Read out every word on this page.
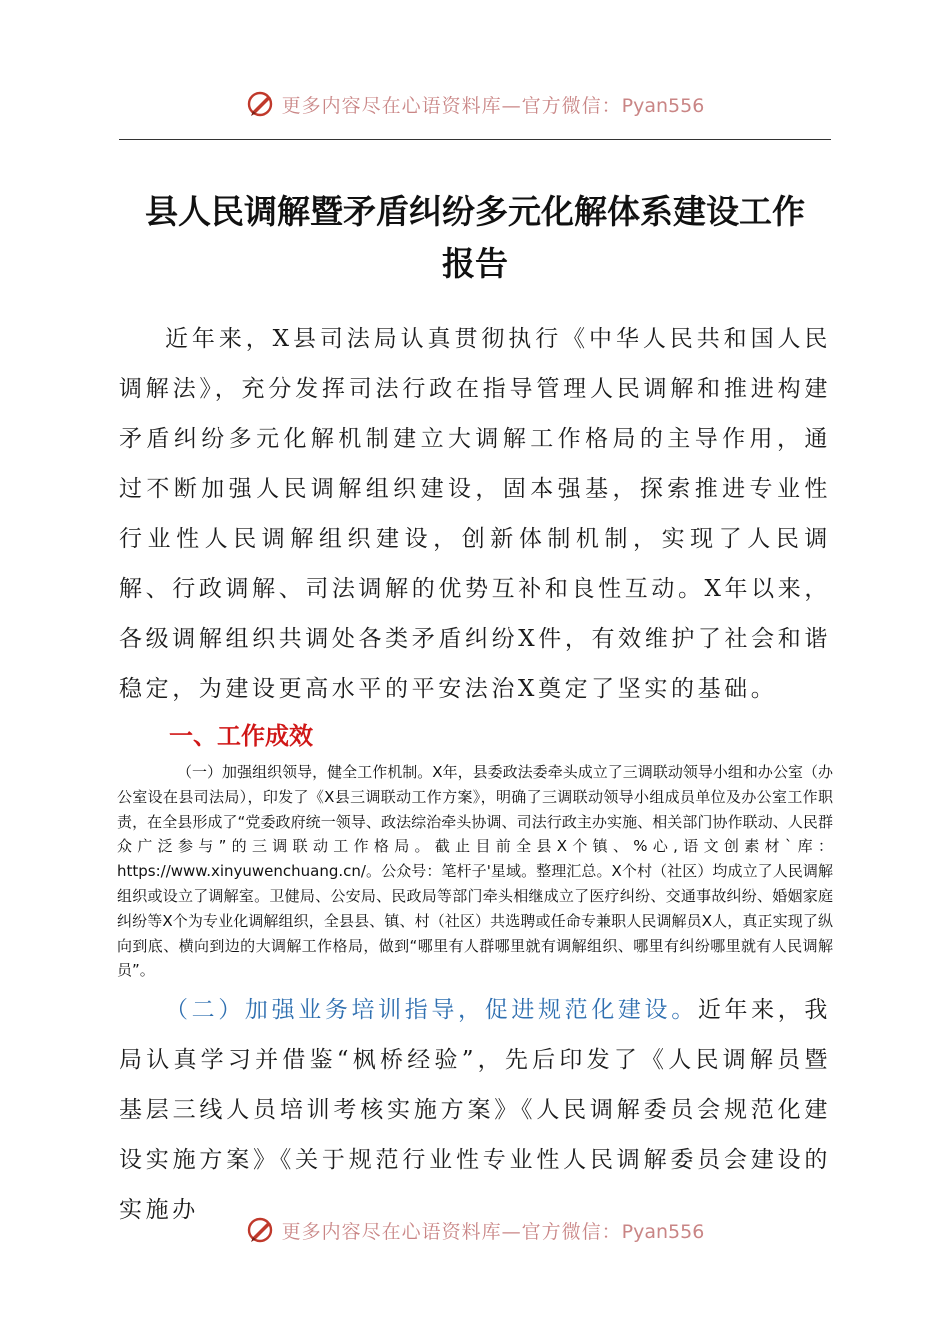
更多内容尽在心语资料库—官方微信：Pyan556
县人民调解暨矛盾纠纷多元化解体系建设工作
报告

近年来，X县司法局认真贯彻执行《中华人民共和国人民调解法》，充分发挥司法行政在指导管理人民调解和推进构建矛盾纠纷多元化解机制建立大调解工作格局的主导作用，通过不断加强人民调解组织建设，固本强基，探索推进专业性行业性人民调解组织建设，创新体制机制，实现了人民调解、行政调解、司法调解的优势互补和良性互动。X年以来，各级调解组织共调处各类矛盾纠纷X件，有效维护了社会和谐稳定，为建设更高水平的平安法治X奠定了坚实的基础。

一、工作成效

（一）加强组织领导，健全工作机制。X年，县委政法委牵头成立了三调联动领导小组和办公室（办公室设在县司法局），印发了《X县三调联动工作方案》，明确了三调联动领导小组成员单位及办公室工作职责，在全县形成了“党委政府统一领导、政法综治牵头协调、司法行政主办实施、相关部门协作联动、人民群众广泛参与”的三调联动工作格局。截止目前全县X个镇、%心,语文创素材`库：https://www.xinyuwenchuang.cn/。公众号：笔杆子'星域。整理汇总。X个村（社区）均成立了人民调解组织或设立了调解室。卫健局、公安局、民政局等部门牵头相继成立了医疗纠纷、交通事故纠纷、婚姻家庭纠纷等X个为专业化调解组织，全县县、镇、村（社区）共选聘或任命专兼职人民调解员X人，真正实现了纵向到底、横向到边的大调解工作格局，做到“哪里有人群哪里就有调解组织、哪里有纠纷哪里就有人民调解员”。

（二）加强业务培训指导，促进规范化建设。近年来，我局认真学习并借鉴“枫桥经验”，先后印发了《人民调解员暨基层三线人员培训考核实施方案》《人民调解委员会规范化建设实施方案》《关于规范行业性专业性人民调解委员会建设的实施办

更多内容尽在心语资料库—官方微信：Pyan556
